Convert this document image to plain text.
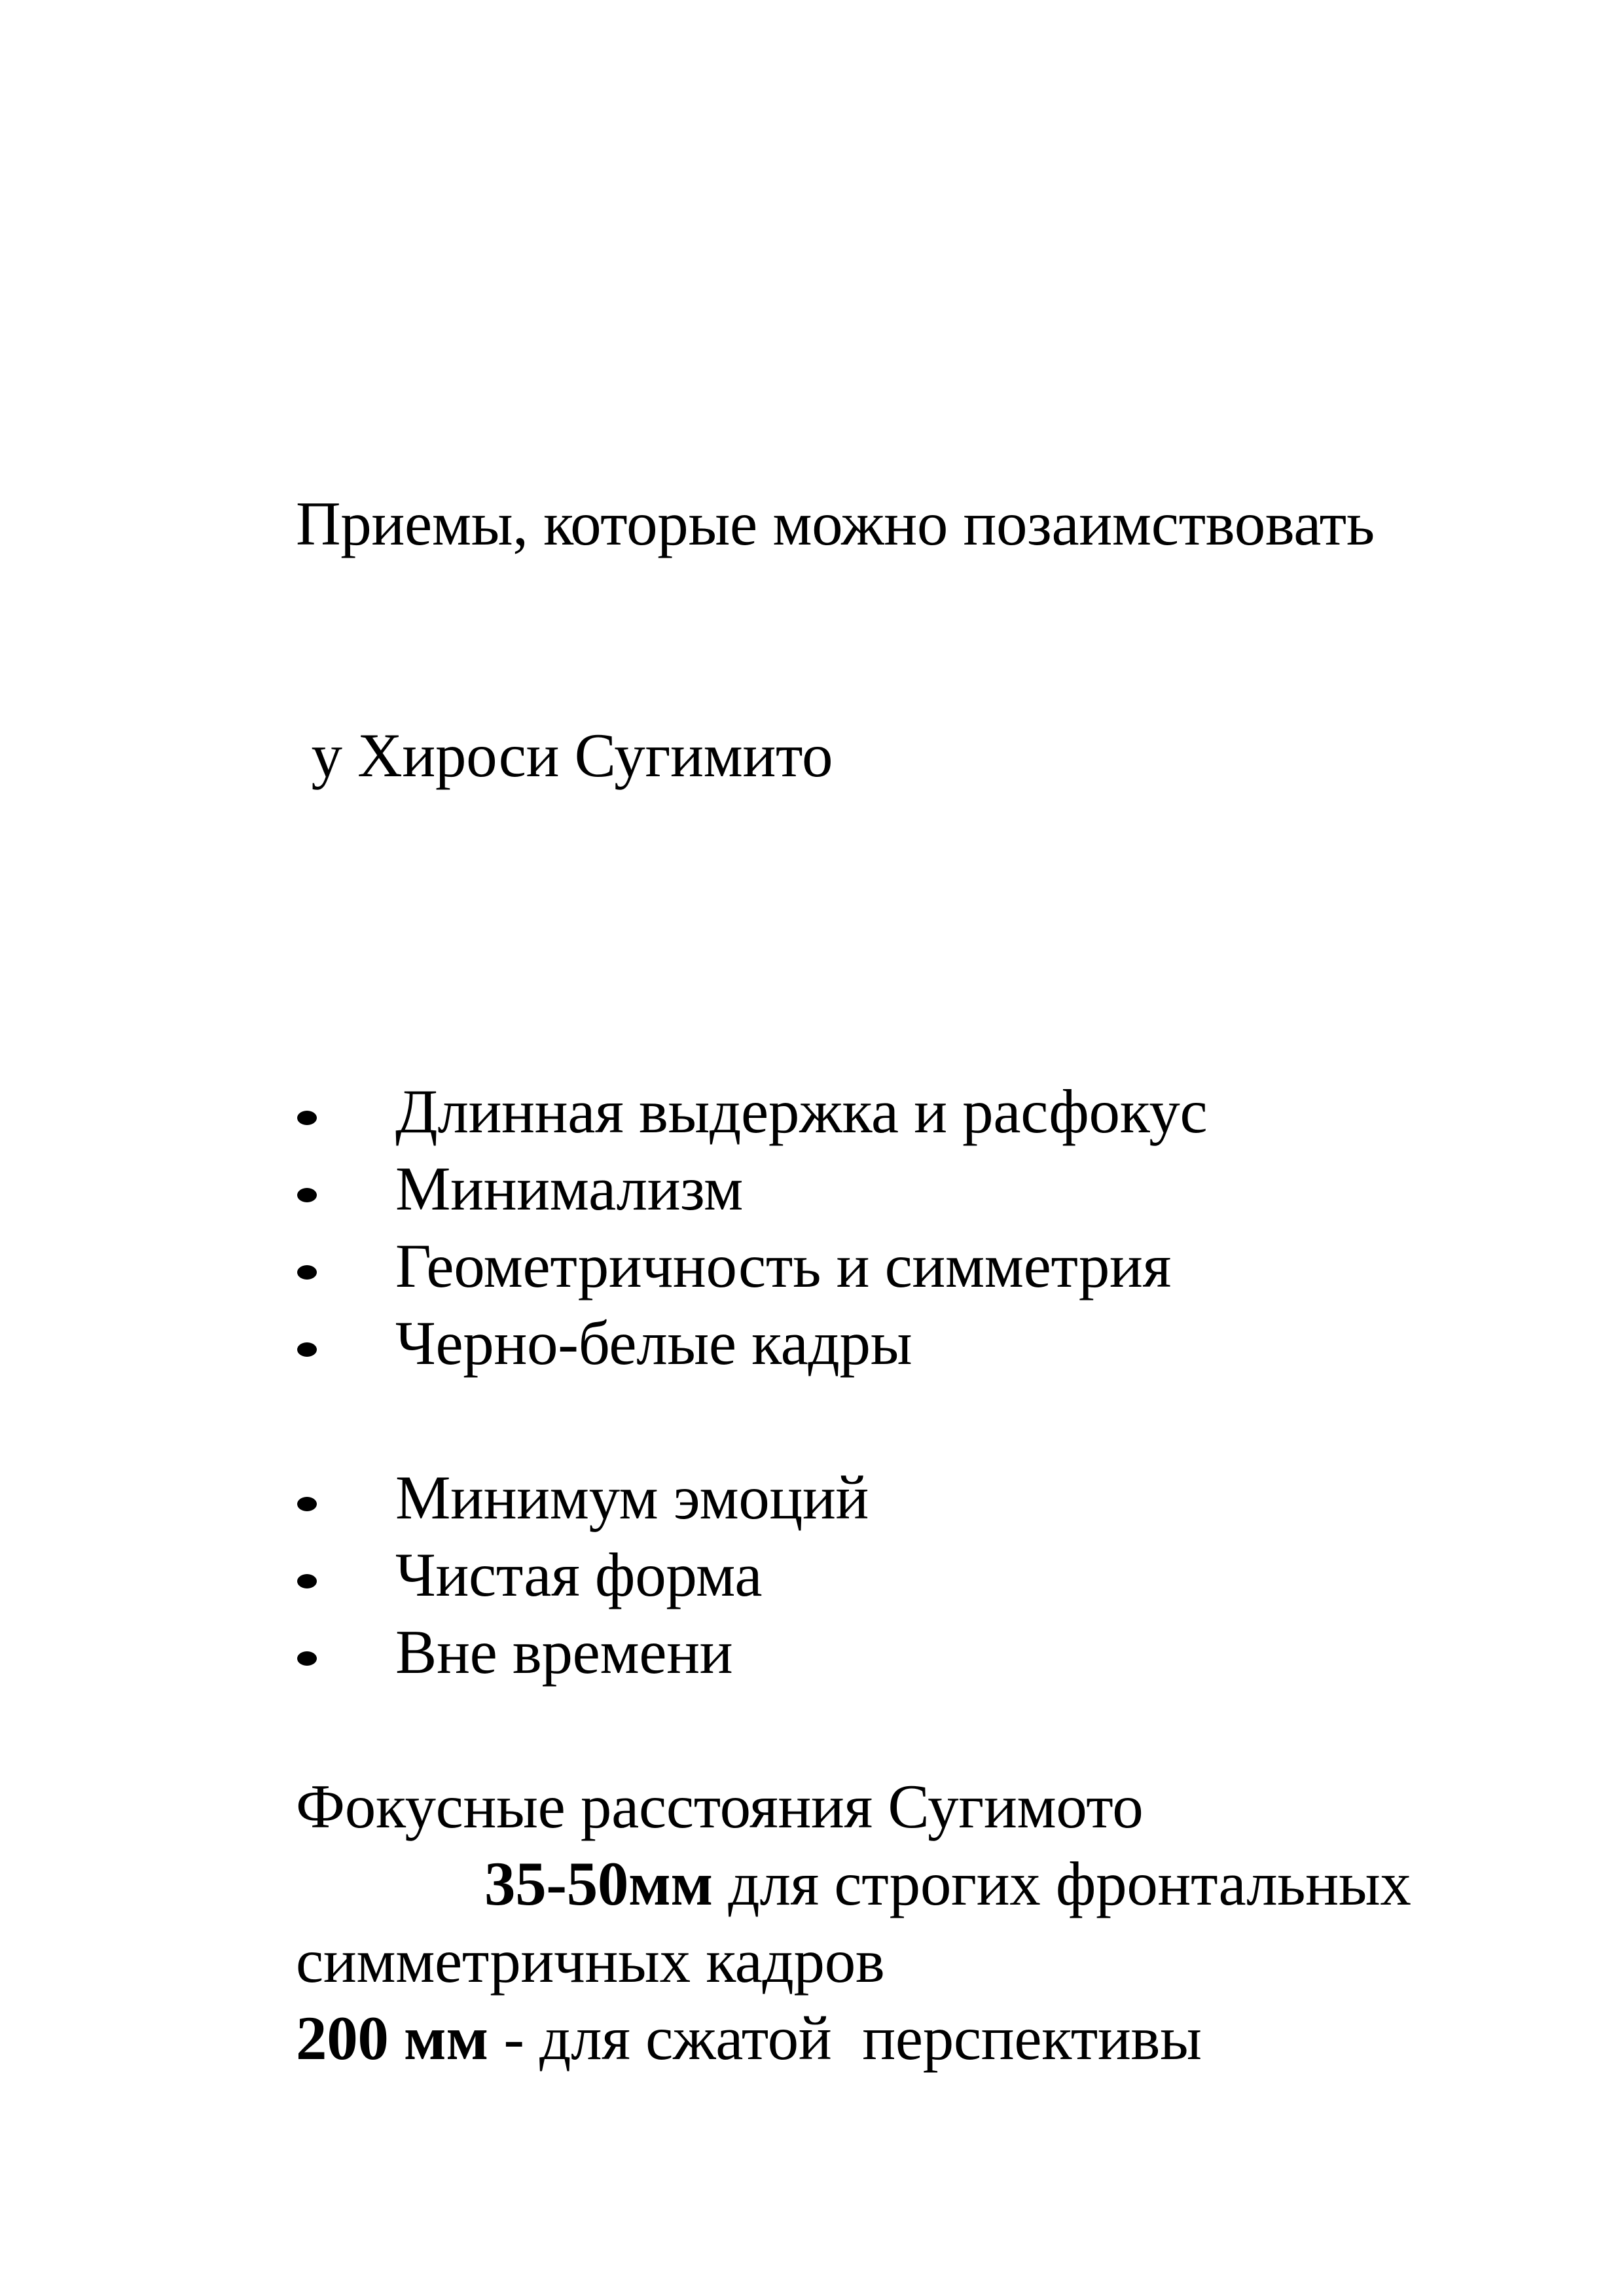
Приемы, которые можно позаимствовать

у Хироси Сугимито

Длинная выдержка и расфокус
Минимализм
Геометричность и симметрия
Черно-белые кадры
Минимум эмоций
Чистая форма
Вне времени
Фокусные расстояния Сугимото
35-50мм для строгих фронтальных
симметричных кадров
200 мм - для сжатой  перспективы
